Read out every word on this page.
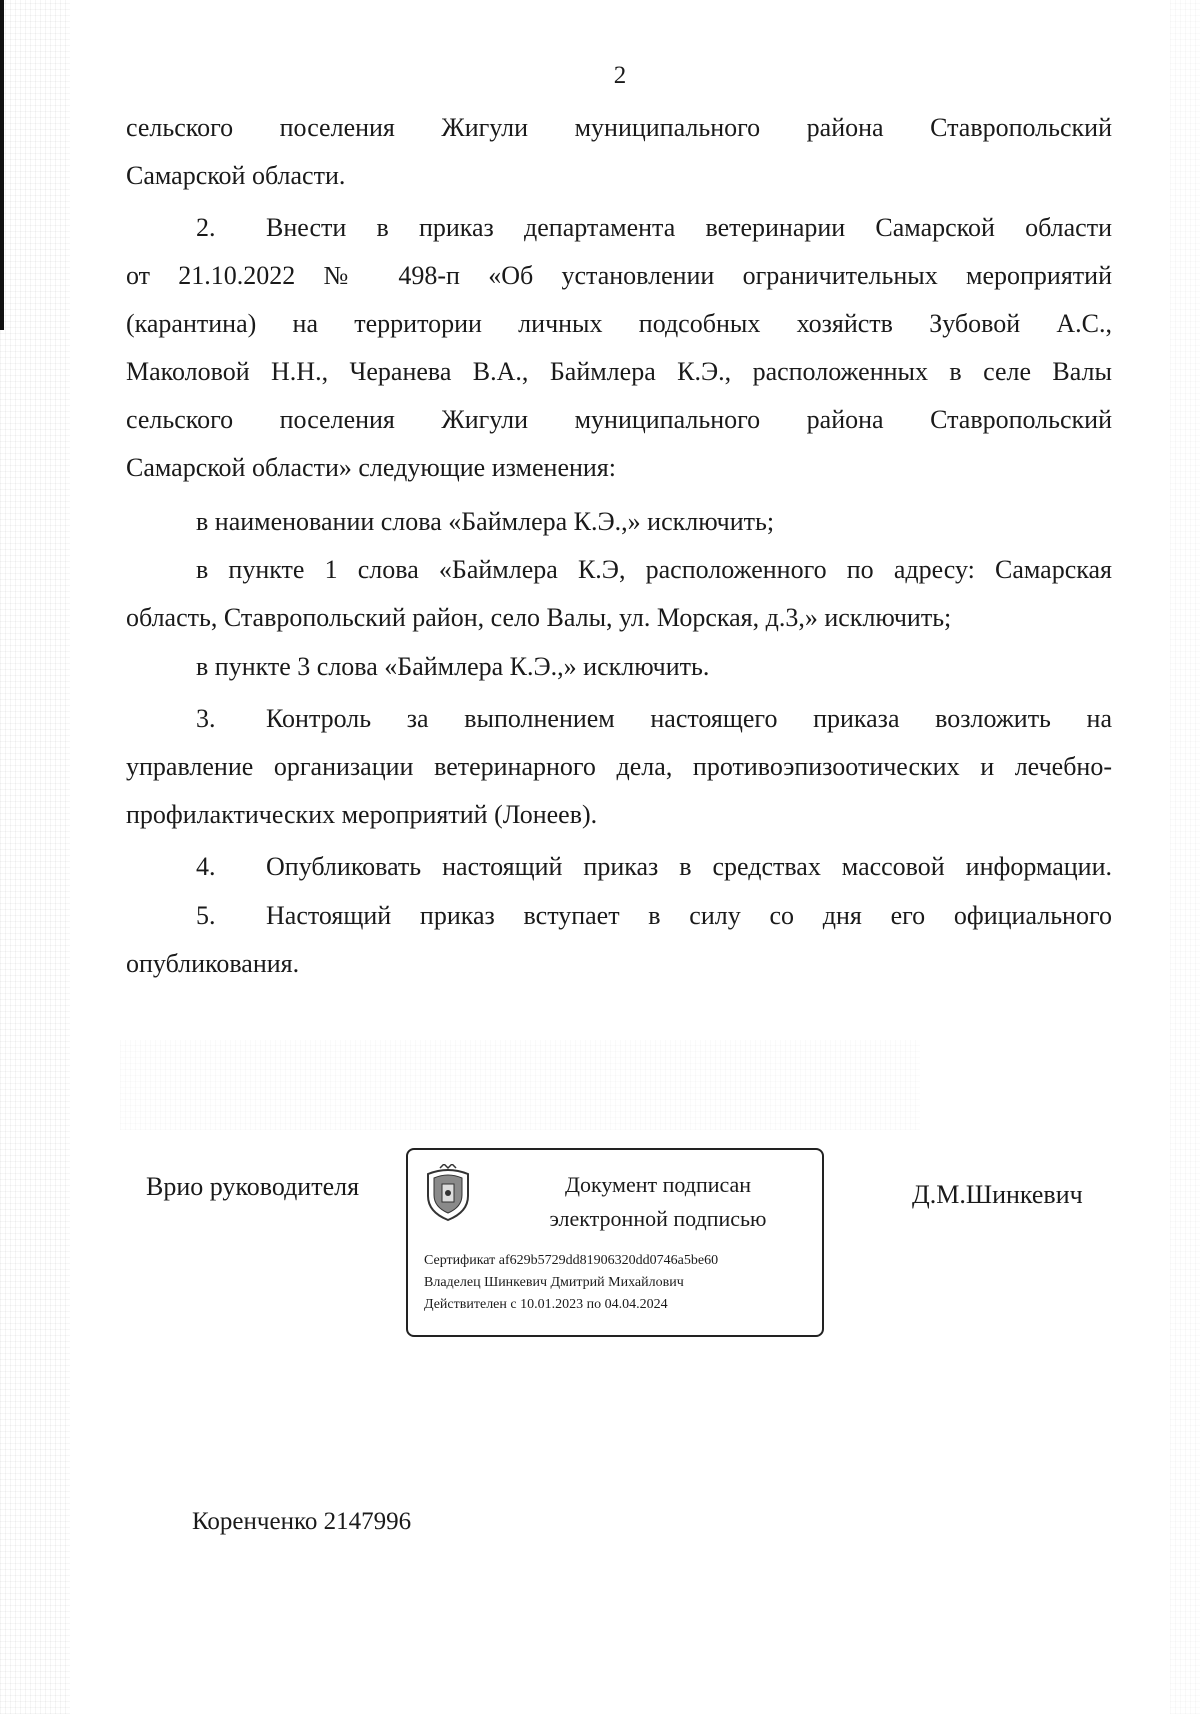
2
сельского поселения Жигули муниципального района Ставропольский
Самарской области.
2. Внести в приказ департамента ветеринарии Самарской области
от 21.10.2022 № 498-п «Об установлении ограничительных мероприятий
(карантина) на территории личных подсобных хозяйств Зубовой А.С.,
Маколовой Н.Н., Черанева В.А., Баймлера К.Э., расположенных в селе Валы
сельского поселения Жигули муниципального района Ставропольский
Самарской области» следующие изменения:
в наименовании слова «Баймлера К.Э.,» исключить;
в пункте 1 слова «Баймлера К.Э, расположенного по адресу: Самарская
область, Ставропольский район, село Валы, ул. Морская, д.3,» исключить;
в пункте 3 слова «Баймлера К.Э.,» исключить.
3. Контроль за выполнением настоящего приказа возложить на
управление организации ветеринарного дела, противоэпизоотических и лечебно-
профилактических мероприятий (Лонеев).
4. Опубликовать настоящий приказ в средствах массовой информации.
5. Настоящий приказ вступает в силу со дня его официального
опубликования.
Врио руководителя	Документ подписан
электронной подписью
Сертификат af629b5729dd81906320dd0746a5be60
Владелец Шинкевич Дмитрий Михайлович
Действителен с 10.01.2023 по 04.04.2024
Д.М.Шинкевич
Коренченко 2147996
